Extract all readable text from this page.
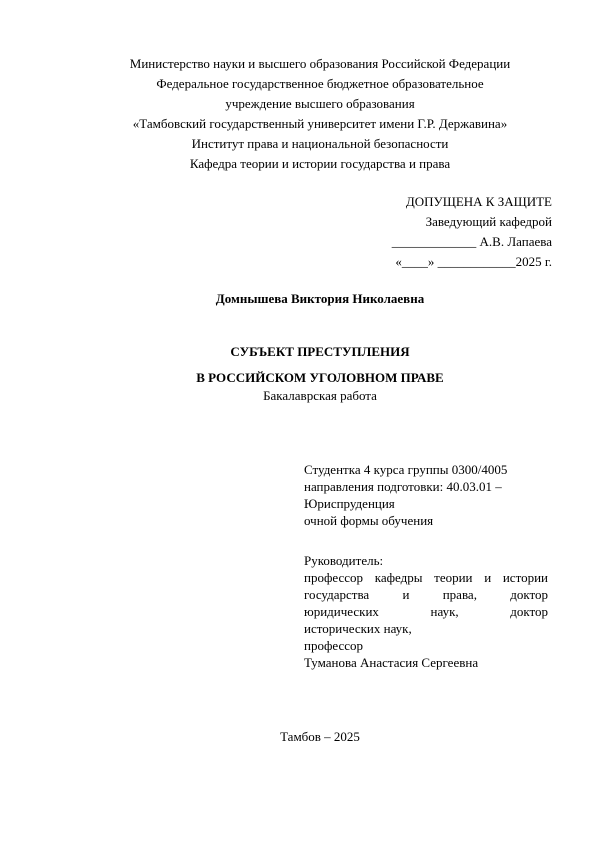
Министерство науки и высшего образования Российской Федерации
Федеральное государственное бюджетное образовательное
учреждение высшего образования
«Тамбовский государственный университет имени Г.Р. Державина»
Институт права и национальной безопасности
Кафедра теории и истории государства и права
ДОПУЩЕНА К ЗАЩИТЕ
Заведующий кафедрой
_____________ А.В. Лапаева
«____» ____________2025 г.
Домнышева Виктория Николаевна
СУБЪЕКТ ПРЕСТУПЛЕНИЯ
В РОССИЙСКОМ УГОЛОВНОМ ПРАВЕ
Бакалаврская работа
Студентка 4 курса группы 0300/4005
направления подготовки: 40.03.01 –
Юриспруденция
очной формы обучения
Руководитель:
профессор кафедры теории и истории
государства и права, доктор
юридических наук, доктор
исторических наук,
профессор
Туманова Анастасия Сергеевна
Тамбов – 2025
